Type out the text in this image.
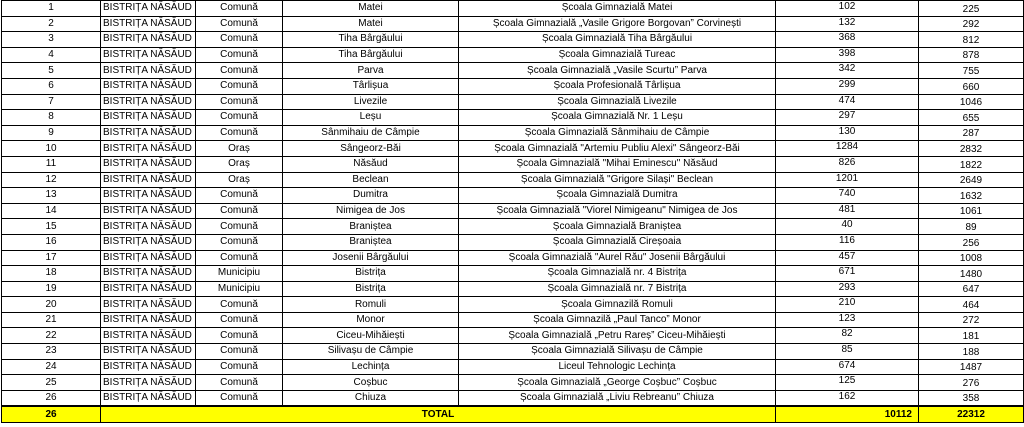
1	BISTRIȚA NĂSĂUD	Comună	Matei	Școala Gimnazială Matei	102	225
2	BISTRIȚA NĂSĂUD	Comună	Matei	Școala Gimnazială „Vasile Grigore Borgovan” Corvinești	132	292
3	BISTRIȚA NĂSĂUD	Comună	Tiha Bârgăului	Școala Gimnazială Tiha Bârgăului	368	812
4	BISTRIȚA NĂSĂUD	Comună	Tiha Bârgăului	Școala Gimnazială Tureac	398	878
5	BISTRIȚA NĂSĂUD	Comună	Parva	Școala Gimnazială „Vasile Scurtu” Parva	342	755
6	BISTRIȚA NĂSĂUD	Comună	Târlișua	Școala Profesională Târlișua	299	660
7	BISTRIȚA NĂSĂUD	Comună	Livezile	Școala Gimnazială Livezile	474	1046
8	BISTRIȚA NĂSĂUD	Comună	Leșu	Școala Gimnazială Nr. 1 Leșu	297	655
9	BISTRIȚA NĂSĂUD	Comună	Sânmihaiu de Câmpie	Școala Gimnazială Sânmihaiu de Câmpie	130	287
10	BISTRIȚA NĂSĂUD	Oraș	Sângeorz-Băi	Școala Gimnazială "Artemiu Publiu Alexi" Sângeorz-Băi	1284	2832
11	BISTRIȚA NĂSĂUD	Oraș	Năsăud	Școala Gimnazială "Mihai Eminescu" Năsăud	826	1822
12	BISTRIȚA NĂSĂUD	Oraș	Beclean	Școala Gimnazială "Grigore Silași" Beclean	1201	2649
13	BISTRIȚA NĂSĂUD	Comună	Dumitra	Școala Gimnazială Dumitra	740	1632
14	BISTRIȚA NĂSĂUD	Comună	Nimigea de Jos	Școala Gimnazială "Viorel Nimigeanu" Nimigea de Jos	481	1061
15	BISTRIȚA NĂSĂUD	Comună	Braniștea	Școala Gimnazială Braniștea	40	89
16	BISTRIȚA NĂSĂUD	Comună	Braniștea	Școala Gimnazială Cireșoaia	116	256
17	BISTRIȚA NĂSĂUD	Comună	Josenii Bârgăului	Școala Gimnazială "Aurel Rău" Josenii Bârgăului	457	1008
18	BISTRIȚA NĂSĂUD	Municipiu	Bistrița	Școala Gimnazială nr. 4 Bistrița	671	1480
19	BISTRIȚA NĂSĂUD	Municipiu	Bistrița	Școala Gimnazială nr. 7 Bistrița	293	647
20	BISTRIȚA NĂSĂUD	Comună	Romuli	Școala Gimnazilă Romuli	210	464
21	BISTRIȚA NĂSĂUD	Comună	Monor	Școala Gimnazilă „Paul Tanco” Monor	123	272
22	BISTRIȚA NĂSĂUD	Comună	Ciceu-Mihăiești	Școala Gimnazială „Petru Rareș” Ciceu-Mihăiești	82	181
23	BISTRIȚA NĂSĂUD	Comună	Silivașu de Câmpie	Școala Gimnazială Silivașu de Câmpie	85	188
24	BISTRIȚA NĂSĂUD	Comună	Lechința	Liceul Tehnologic Lechința	674	1487
25	BISTRIȚA NĂSĂUD	Comună	Coșbuc	Școala Gimnazială „George Coșbuc” Coșbuc	125	276
26	BISTRIȚA NĂSĂUD	Comună	Chiuza	Școala Gimnazială „Liviu Rebreanu” Chiuza	162	358
26	TOTAL				10112	22312
